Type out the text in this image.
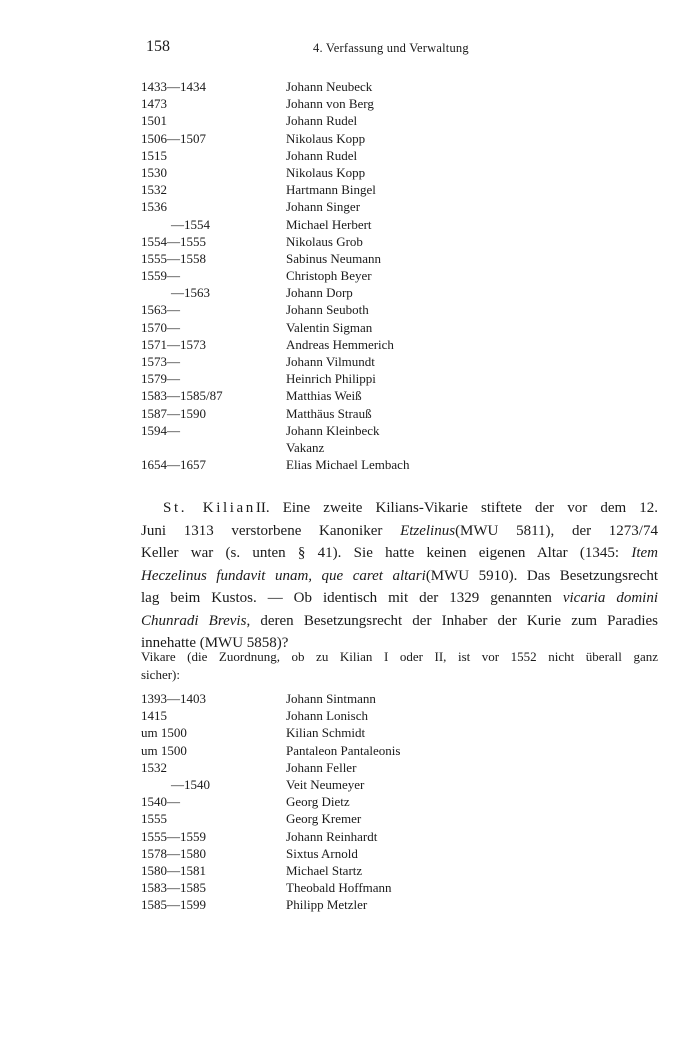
158	4. Verfassung und Verwaltung
1433—1434	Johann Neubeck
1473	Johann von Berg
1501	Johann Rudel
1506—1507	Nikolaus Kopp
1515	Johann Rudel
1530	Nikolaus Kopp
1532	Hartmann Bingel
1536	Johann Singer
—1554	Michael Herbert
1554—1555	Nikolaus Grob
1555—1558	Sabinus Neumann
1559—	Christoph Beyer
—1563	Johann Dorp
1563—	Johann Seuboth
1570—	Valentin Sigman
1571—1573	Andreas Hemmerich
1573—	Johann Vilmundt
1579—	Heinrich Philippi
1583—1585/87	Matthias Weiß
1587—1590	Matthäus Strauß
1594—	Johann Kleinbeck
Vakanz
1654—1657	Elias Michael Lembach
St. KilianII. Eine zweite Kilians-Vikarie stiftete der vor dem 12.
Juni 1313 verstorbene Kanoniker Etzelinus(MWU 5811), der 1273/74
Keller war (s. unten § 41). Sie hatte keinen eigenen Altar (1345: Item
Heczelinus fundavit unam, que caret altari(MWU 5910). Das Besetzungsrecht
lag beim Kustos. — Ob identisch mit der 1329 genannten vicaria domini
Chunradi Brevis, deren Besetzungsrecht der Inhaber der Kurie zum Paradies
innehatte (MWU 5858)?
Vikare (die Zuordnung, ob zu Kilian I oder II, ist vor 1552 nicht überall ganz
sicher):
1393—1403	Johann Sintmann
1415	Johann Lonisch
um 1500	Kilian Schmidt
um 1500	Pantaleon Pantaleonis
1532	Johann Feller
—1540	Veit Neumeyer
1540—	Georg Dietz
1555	Georg Kremer
1555—1559	Johann Reinhardt
1578—1580	Sixtus Arnold
1580—1581	Michael Startz
1583—1585	Theobald Hoffmann
1585—1599	Philipp Metzler
